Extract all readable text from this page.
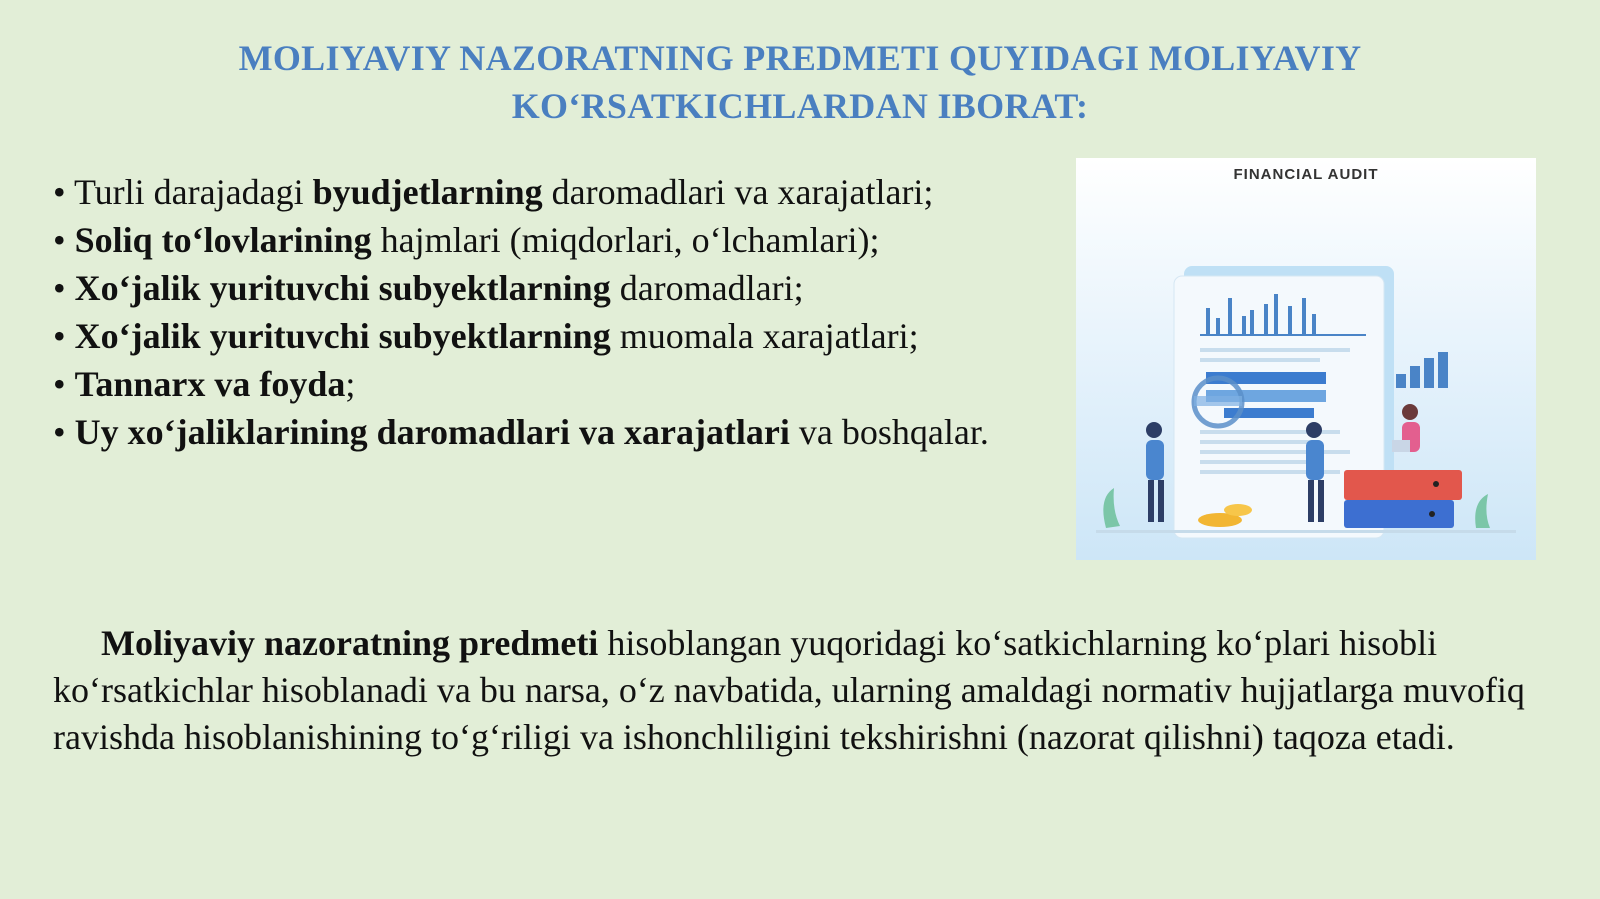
MOLIYAVIY NAZORATNING PREDMETI QUYIDAGI MOLIYAVIY
KO‘RSATKICHLARDAN IBORAT:

• Turli darajadagi byudjetlarning daromadlari va xarajatlari;

• Soliq to‘lovlarining hajmlari (miqdorlari, o‘lchamlari);

• Xo‘jalik yurituvchi subyektlarning daromadlari;

• Xo‘jalik yurituvchi subyektlarning muomala xarajatlari;

• Tannarx va foyda;

• Uy xo‘jaliklarining daromadlari va xarajatlari va boshqalar.

FINANCIAL AUDIT
Moliyaviy nazoratning predmeti hisoblangan yuqoridagi ko‘satkichlarning ko‘plari hisobli ko‘rsatkichlar hisoblanadi va bu narsa, o‘z navbatida, ularning amaldagi normativ hujjatlarga muvofiq ravishda hisoblanishining to‘g‘riligi va ishonchliligini tekshirishni (nazorat qilishni) taqoza etadi.
